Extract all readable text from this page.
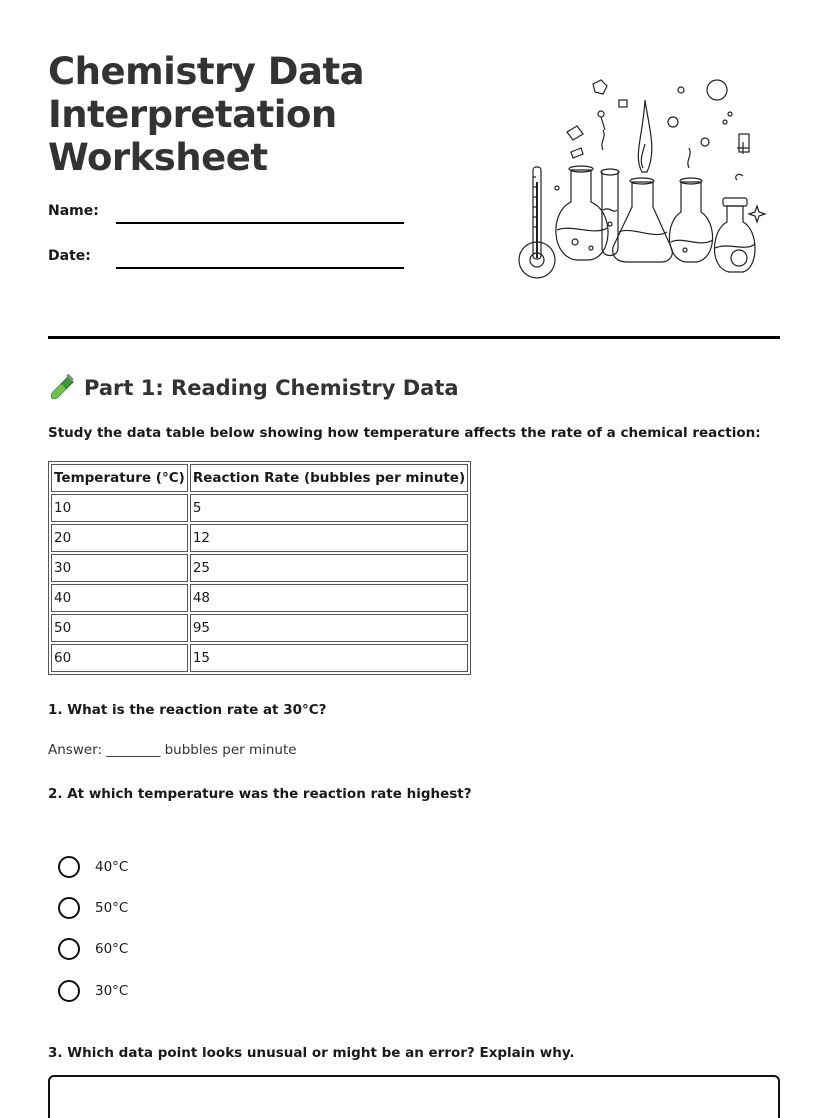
Chemistry Data
Interpretation
Worksheet
Name:
Date:
Part 1: Reading Chemistry Data
Study the data table below showing how temperature affects the rate of a chemical reaction:
Temperature (°C)	Reaction Rate (bubbles per minute)
10	5
20	12
30	25
40	48
50	95
60	15
1. What is the reaction rate at 30°C?
Answer: ________ bubbles per minute
2. At which temperature was the reaction rate highest?
40°C
50°C
60°C
30°C
3. Which data point looks unusual or might be an error? Explain why.
